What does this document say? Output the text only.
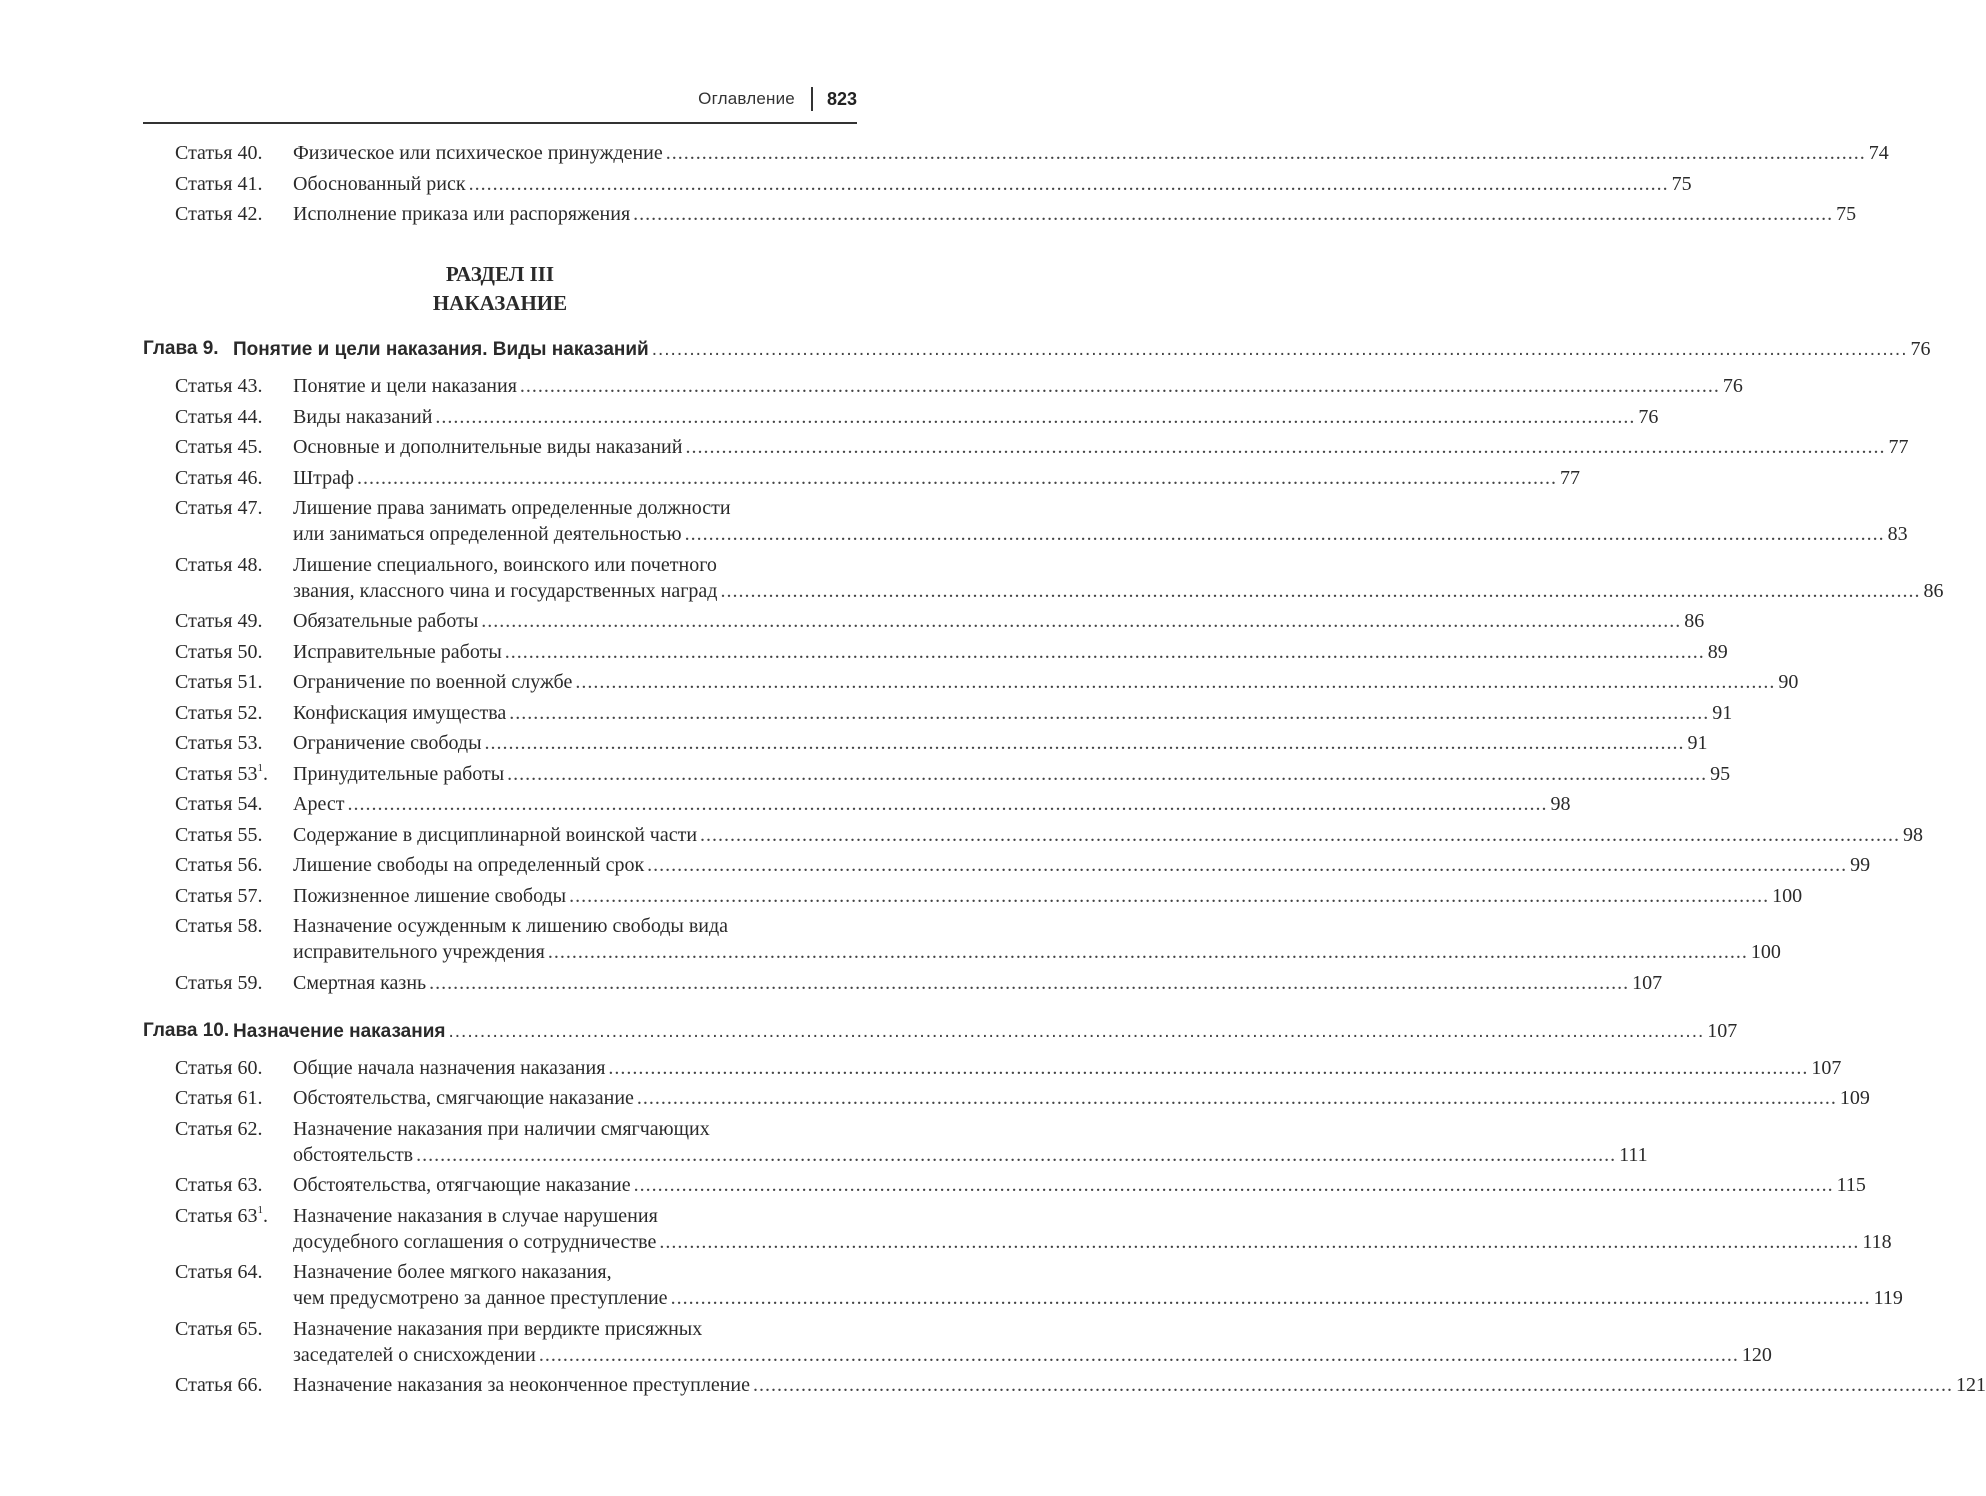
Оглавление 823
Статья 40.	Физическое или психическое принуждение ........................................................................................................................................................................................................ 74
Статья 41.	Обоснованный риск ........................................................................................................................................................................................................ 75
Статья 42.	Исполнение приказа или распоряжения ........................................................................................................................................................................................................ 75
РАЗДЕЛ III
НАКАЗАНИЕ
Глава 9. Понятие и цели наказания. Виды наказаний ........................................................................................................................................................................................................ 76
Статья 43.	Понятие и цели наказания ........................................................................................................................................................................................................ 76
Статья 44.	Виды наказаний ........................................................................................................................................................................................................ 76
Статья 45.	Основные и дополнительные виды наказаний ........................................................................................................................................................................................................ 77
Статья 46.	Штраф ........................................................................................................................................................................................................ 77
Статья 47.	Лишение права занимать определенные должности
или заниматься определенной деятельностью ........................................................................................................................................................................................................ 83
Статья 48.	Лишение специального, воинского или почетного
звания, классного чина и государственных наград ........................................................................................................................................................................................................ 86
Статья 49.	Обязательные работы ........................................................................................................................................................................................................ 86
Статья 50.	Исправительные работы ........................................................................................................................................................................................................ 89
Статья 51.	Ограничение по военной службе ........................................................................................................................................................................................................ 90
Статья 52.	Конфискация имущества ........................................................................................................................................................................................................ 91
Статья 53.	Ограничение свободы ........................................................................................................................................................................................................ 91
Статья $53^1$.	Принудительные работы ........................................................................................................................................................................................................ 95
Статья 54.	Арест ........................................................................................................................................................................................................ 98
Статья 55.	Содержание в дисциплинарной воинской части ........................................................................................................................................................................................................ 98
Статья 56.	Лишение свободы на определенный срок ........................................................................................................................................................................................................ 99
Статья 57.	Пожизненное лишение свободы ........................................................................................................................................................................................................ 100
Статья 58.	Назначение осужденным к лишению свободы вида
исправительного учреждения ........................................................................................................................................................................................................ 100
Статья 59.	Смертная казнь ........................................................................................................................................................................................................ 107
Глава 10. Назначение наказания ........................................................................................................................................................................................................ 107
Статья 60.	Общие начала назначения наказания ........................................................................................................................................................................................................ 107
Статья 61.	Обстоятельства, смягчающие наказание ........................................................................................................................................................................................................ 109
Статья 62.	Назначение наказания при наличии смягчающих
обстоятельств ........................................................................................................................................................................................................ 111
Статья 63.	Обстоятельства, отягчающие наказание ........................................................................................................................................................................................................ 115
Статья $63^1$.	Назначение наказания в случае нарушения
досудебного соглашения о сотрудничестве ........................................................................................................................................................................................................ 118
Статья 64.	Назначение более мягкого наказания,
чем предусмотрено за данное преступление ........................................................................................................................................................................................................ 119
Статья 65.	Назначение наказания при вердикте присяжных
заседателей о снисхождении ........................................................................................................................................................................................................ 120
Статья 66.	Назначение наказания за неоконченное преступление ........................................................................................................................................................................................................ 121
